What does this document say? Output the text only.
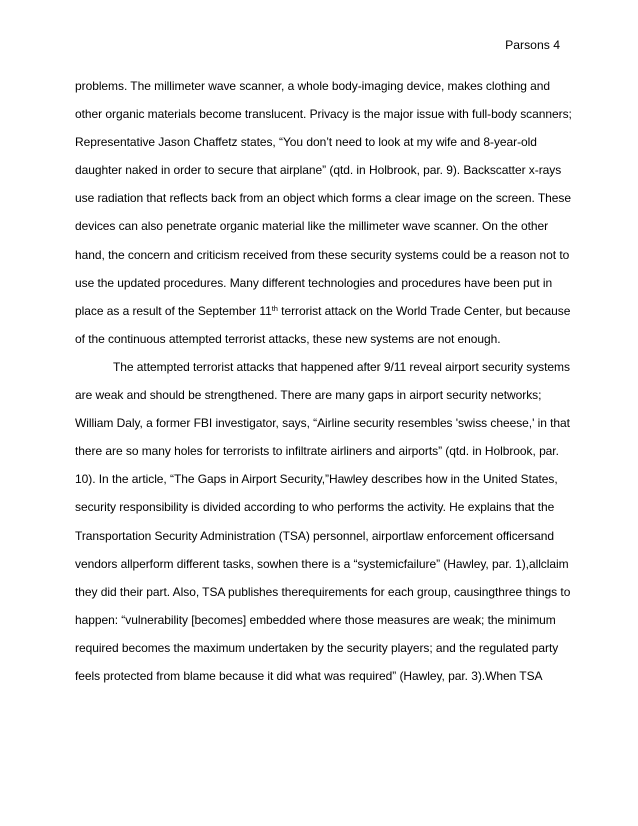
Parsons 4
problems. The millimeter wave scanner, a whole body-imaging device, makes clothing and
other organic materials become translucent. Privacy is the major issue with full-body scanners;
Representative Jason Chaffetz states, “You don’t need to look at my wife and 8-year-old
daughter naked in order to secure that airplane” (qtd. in Holbrook, par. 9). Backscatter x-rays
use radiation that reflects back from an object which forms a clear image on the screen. These
devices can also penetrate organic material like the millimeter wave scanner. On the other
hand, the concern and criticism received from these security systems could be a reason not to
use the updated procedures. Many different technologies and procedures have been put in
place as a result of the September 11th terrorist attack on the World Trade Center, but because
of the continuous attempted terrorist attacks, these new systems are not enough.
The attempted terrorist attacks that happened after 9/11 reveal airport security systems
are weak and should be strengthened. There are many gaps in airport security networks;
William Daly, a former FBI investigator, says, “Airline security resembles 'swiss cheese,' in that
there are so many holes for terrorists to infiltrate airliners and airports” (qtd. in Holbrook, par.
10). In the article, “The Gaps in Airport Security,”Hawley describes how in the United States,
security responsibility is divided according to who performs the activity. He explains that the
Transportation Security Administration (TSA) personnel, airportlaw enforcement officersand
vendors allperform different tasks, sowhen there is a “systemicfailure” (Hawley, par. 1),allclaim
they did their part. Also, TSA publishes therequirements for each group, causingthree things to
happen: “vulnerability [becomes] embedded where those measures are weak; the minimum
required becomes the maximum undertaken by the security players; and the regulated party
feels protected from blame because it did what was required” (Hawley, par. 3).When TSA
